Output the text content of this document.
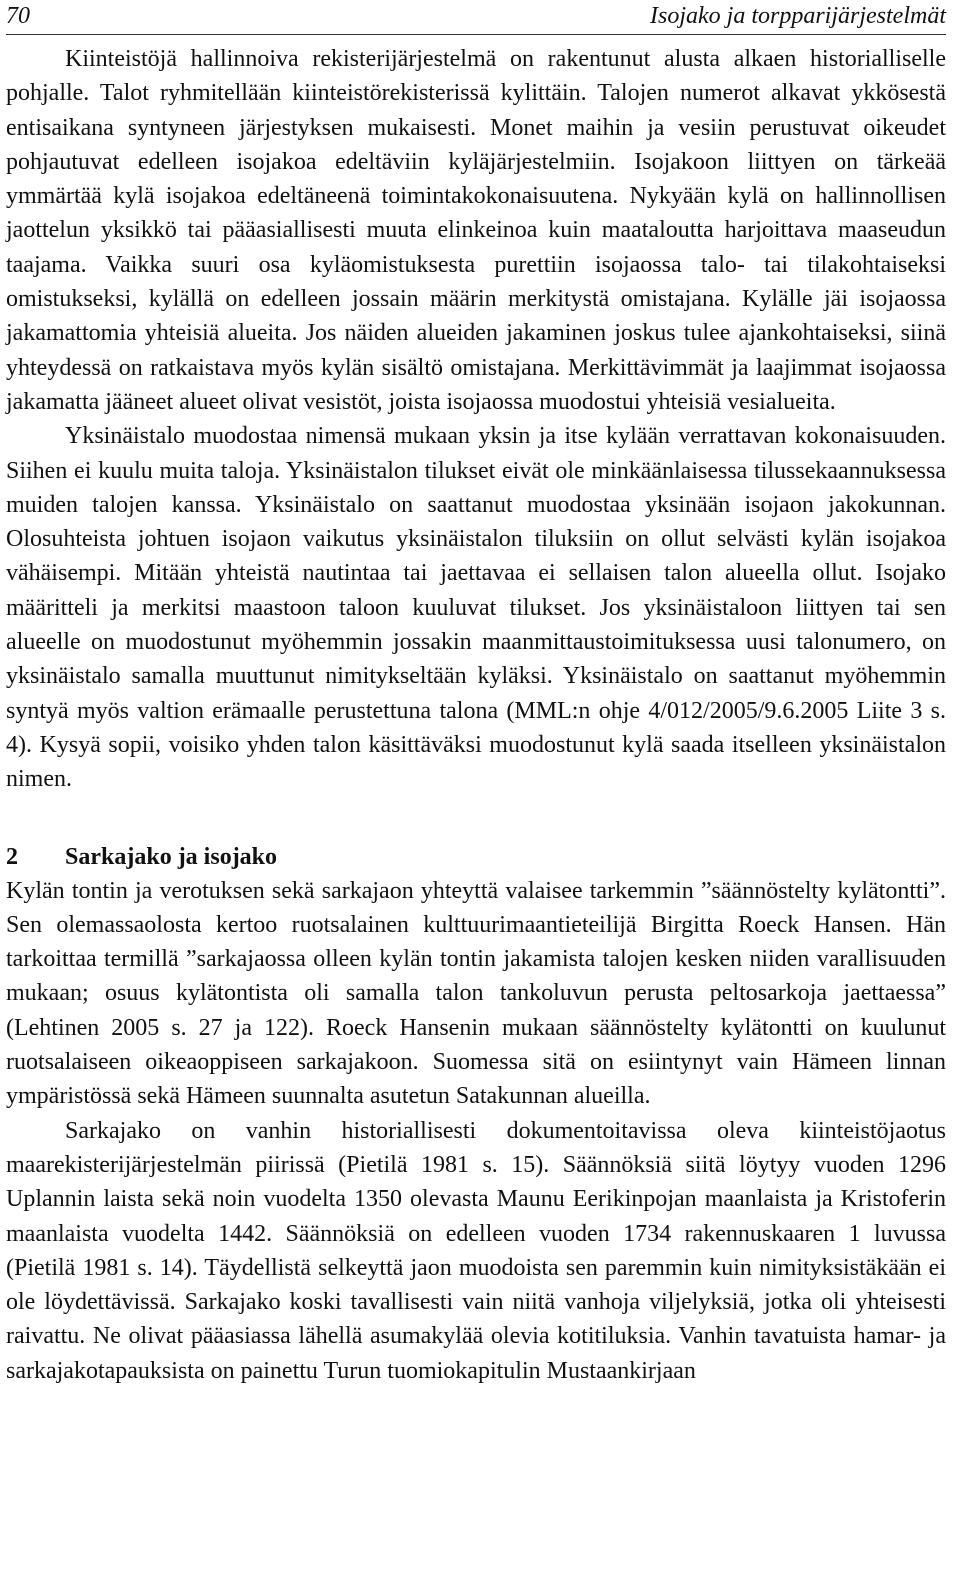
70	Isojako ja torpparijärjestelmät

Kiinteistöjä hallinnoiva rekisterijärjestelmä on rakentunut alusta alkaen historialliselle pohjalle. Talot ryhmitellään kiinteistörekisterissä kylittäin. Talojen numerot alkavat ykkösestä entisaikana syntyneen järjestyksen mukaisesti. Monet maihin ja vesiin perustuvat oikeudet pohjautuvat edelleen isojakoa edeltäviin kyläjärjestelmiin. Isojakoon liittyen on tärkeää ymmärtää kylä isojakoa edeltäneenä toimintakokonaisuutena. Nykyään kylä on hallinnollisen jaottelun yksikkö tai pääasiallisesti muuta elinkeinoa kuin maataloutta harjoittava maaseudun taajama. Vaikka suuri osa kyläomistuksesta purettiin isojaossa talo- tai tilakohtaiseksi omistukseksi, kylällä on edelleen jossain määrin merkitystä omistajana. Kylälle jäi isojaossa jakamattomia yhteisiä alueita. Jos näiden alueiden jakaminen joskus tulee ajankohtaiseksi, siinä yhteydessä on ratkaistava myös kylän sisältö omistajana. Merkittävimmät ja laajimmat isojaossa jakamatta jääneet alueet olivat vesistöt, joista isojaossa muodostui yhteisiä vesialueita.

Yksinäistalo muodostaa nimensä mukaan yksin ja itse kylään verrattavan kokonaisuuden. Siihen ei kuulu muita taloja. Yksinäistalon tilukset eivät ole minkäänlaisessa tilussekaannuksessa muiden talojen kanssa. Yksinäistalo on saattanut muodostaa yksinään isojaon jakokunnan. Olosuhteista johtuen isojaon vaikutus yksinäistalon tiluksiin on ollut selvästi kylän isojakoa vähäisempi. Mitään yhteistä nautintaa tai jaettavaa ei sellaisen talon alueella ollut. Isojako määritteli ja merkitsi maastoon taloon kuuluvat tilukset. Jos yksinäistaloon liittyen tai sen alueelle on muodostunut myöhemmin jossakin maanmittaustoimituksessa uusi talonumero, on yksinäistalo samalla muuttunut nimitykseltään kyläksi. Yksinäistalo on saattanut myöhemmin syntyä myös valtion erämaalle perustettuna talona (MML:n ohje 4/012/2005/9.6.2005 Liite 3 s. 4). Kysyä sopii, voisiko yhden talon käsittäväksi muodostunut kylä saada itselleen yksinäistalon nimen.

2 Sarkajako ja isojako

Kylän tontin ja verotuksen sekä sarkajaon yhteyttä valaisee tarkemmin ”säännöstelty kylätontti”. Sen olemassaolosta kertoo ruotsalainen kulttuurimaantieteilijä Birgitta Roeck Hansen. Hän tarkoittaa termillä ”sarkajaossa olleen kylän tontin jakamista talojen kesken niiden varallisuuden mukaan; osuus kylätontista oli samalla talon tankoluvun perusta peltosarkoja jaettaessa” (Lehtinen 2005 s. 27 ja 122). Roeck Hansenin mukaan säännöstelty kylätontti on kuulunut ruotsalaiseen oikeaoppiseen sarkajakoon. Suomessa sitä on esiintynyt vain Hämeen linnan ympäristössä sekä Hämeen suunnalta asutetun Satakunnan alueilla.

Sarkajako on vanhin historiallisesti dokumentoitavissa oleva kiinteistöjaotus maarekisterijärjestelmän piirissä (Pietilä 1981 s. 15). Säännöksiä siitä löytyy vuoden 1296 Uplannin laista sekä noin vuodelta 1350 olevasta Maunu Eerikinpojan maanlaista ja Kristoferin maanlaista vuodelta 1442. Säännöksiä on edelleen vuoden 1734 rakennuskaaren 1 luvussa (Pietilä 1981 s. 14). Täydellistä selkeyttä jaon muodoista sen paremmin kuin nimityksistäkään ei ole löydettävissä. Sarkajako koski tavallisesti vain niitä vanhoja viljelyksiä, jotka oli yhteisesti raivattu. Ne olivat pääasiassa lähellä asumakylää olevia kotitiluksia. Vanhin tavatuista hamar- ja sarkajakotapauksista on painettu Turun tuomiokapitulin Mustaankirjaan
